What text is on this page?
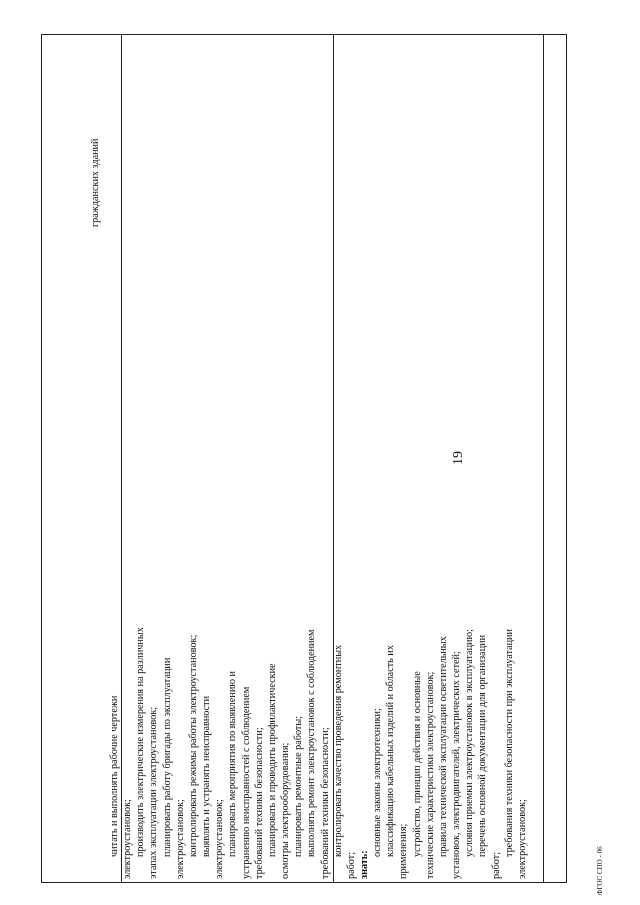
19
ФГОС СПО - 06

читать и выполнять рабочие чертежи электроустановок; производить электрические измерения на различных этапах эксплуатации электроустановок; планировать работу бригады по эксплуатации электроустановок; контролировать режимы работы электроустановок; выявлять и устранять неисправности электроустановок; планировать мероприятия по выявлению и устранению неисправностей с соблюдением требований техники безопасности; планировать и проводить профилактические осмотры электрооборудования; планировать ремонтные работы; выполнять ремонт электроустановок с соблюдением требований техники безопасности; контролировать качество проведения ремонтных

работ; знать:

основные законы электротехники; классификацию кабельных изделий и область их применения; устройство, принцип действия и основные технические характеристики электроустановок; правила технической эксплуатации осветительных установок, электродвигателей, электрических сетей; условия приемки электроустановок в эксплуатацию; перечень основной документации для организации

работ;

требования техники безопасности при эксплуатации электроустановок;

гражданских зданий
